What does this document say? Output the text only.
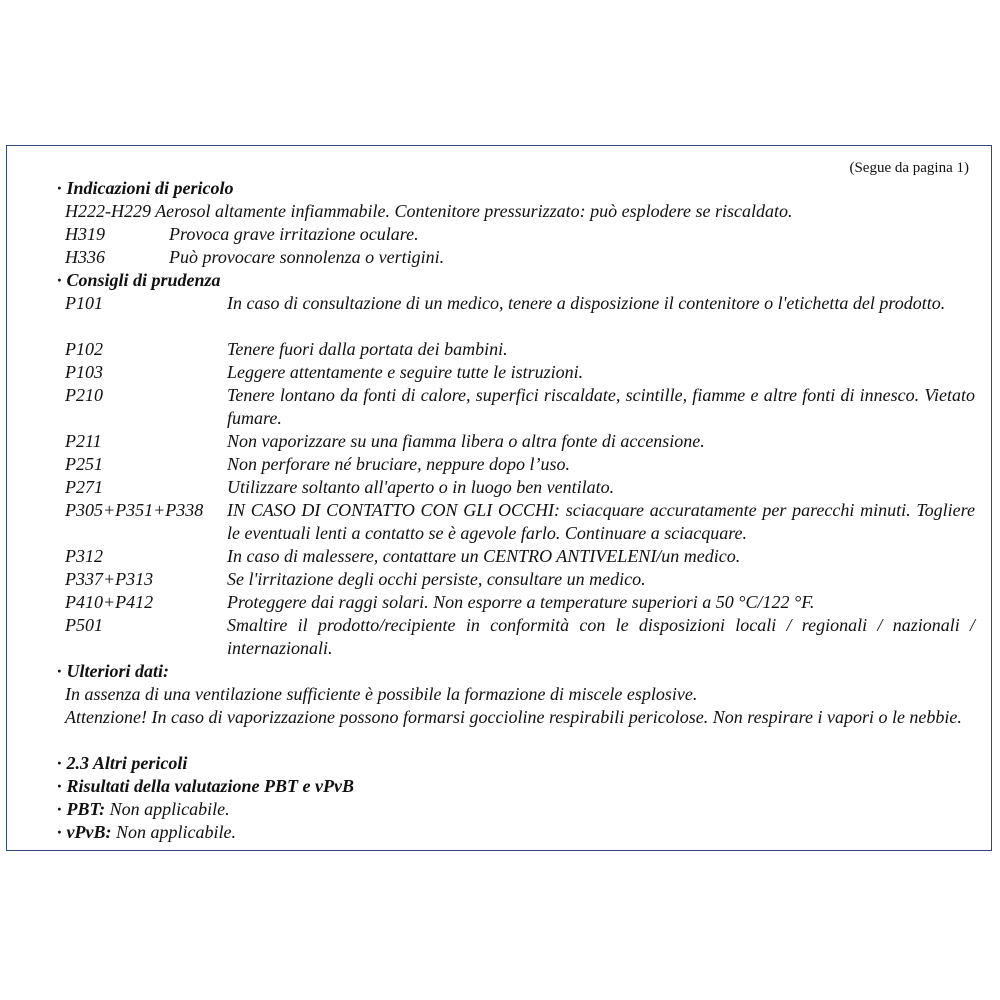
(Segue da pagina 1)
· Indicazioni di pericolo
H222-H229 Aerosol altamente infiammabile. Contenitore pressurizzato: può esplodere se riscaldato.
H319	Provoca grave irritazione oculare.
H336	Può provocare sonnolenza o vertigini.
· Consigli di prudenza
P101	In caso di consultazione di un medico, tenere a disposizione il contenitore o l'etichetta del prodotto.
P102	Tenere fuori dalla portata dei bambini.
P103	Leggere attentamente e seguire tutte le istruzioni.
P210	Tenere lontano da fonti di calore, superfici riscaldate, scintille, fiamme e altre fonti di innesco. Vietato fumare.
P211	Non vaporizzare su una fiamma libera o altra fonte di accensione.
P251	Non perforare né bruciare, neppure dopo l’uso.
P271	Utilizzare soltanto all'aperto o in luogo ben ventilato.
P305+P351+P338 IN CASO DI CONTATTO CON GLI OCCHI: sciacquare accuratamente per parecchi minuti. Togliere le eventuali lenti a contatto se è agevole farlo. Continuare a sciacquare.
P312	In caso di malessere, contattare un CENTRO ANTIVELENI/un medico.
P337+P313	Se l'irritazione degli occhi persiste, consultare un medico.
P410+P412	Proteggere dai raggi solari. Non esporre a temperature superiori a 50 °C/122 °F.
P501	Smaltire il prodotto/recipiente in conformità con le disposizioni locali / regionali / nazionali / internazionali.
· Ulteriori dati:
In assenza di una ventilazione sufficiente è possibile la formazione di miscele esplosive.
Attenzione! In caso di vaporizzazione possono formarsi goccioline respirabili pericolose. Non respirare i vapori o le nebbie.
· 2.3 Altri pericoli
· Risultati della valutazione PBT e vPvB
· PBT: Non applicabile.
· vPvB: Non applicabile.
